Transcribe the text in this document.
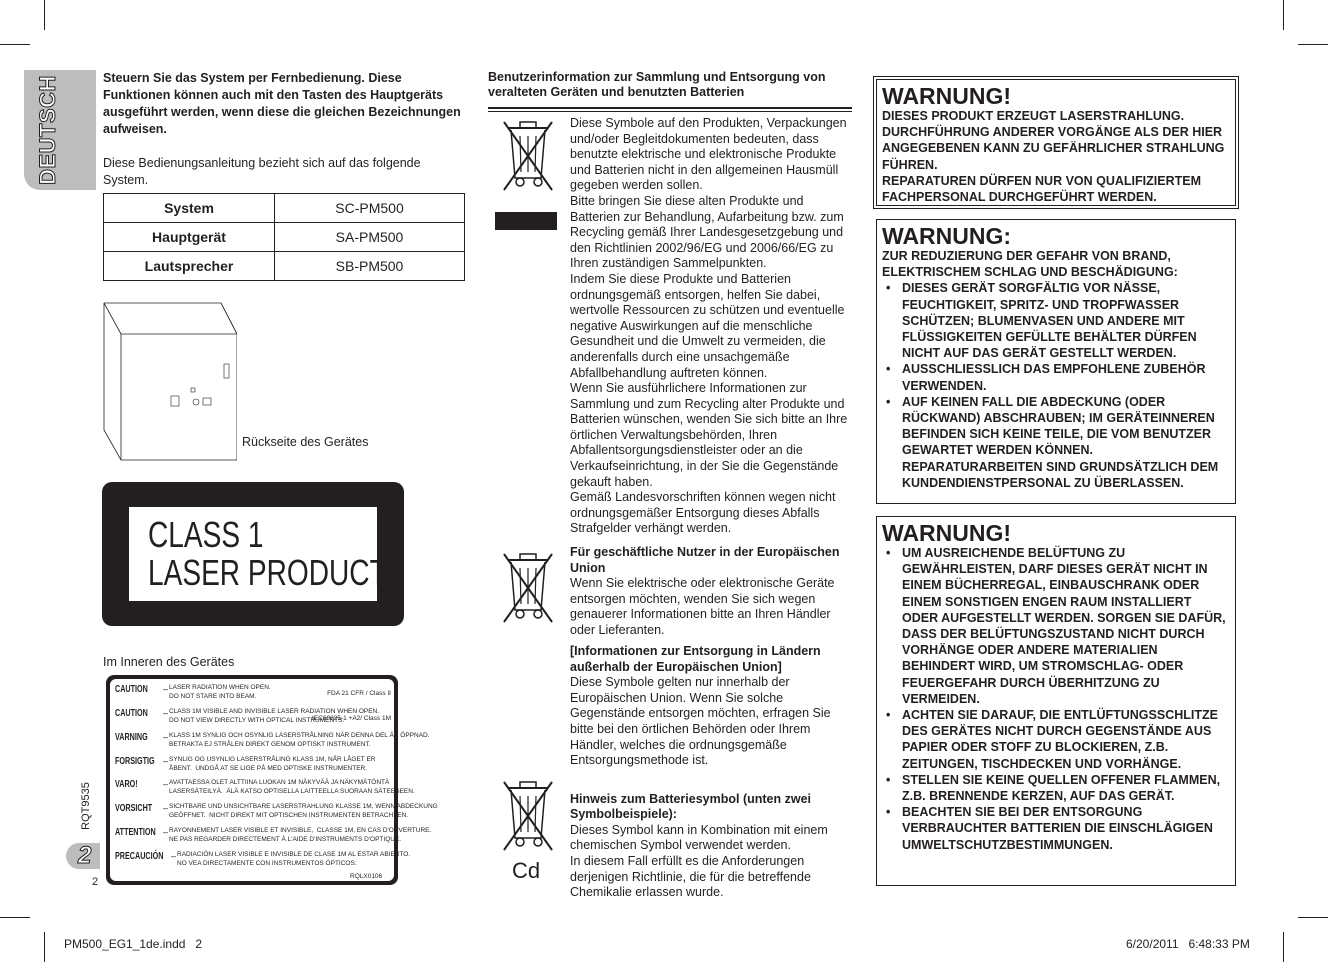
DEUTSCH	Steuern Sie das System per Fernbedienung. Diese Funktionen können auch mit den Tasten des Hauptgeräts ausgeführt werden, wenn diese die gleichen Bezeichnungen aufweisen.

Diese Bedienungsanleitung bezieht sich auf das folgende System.

System	SC-PM500
Hauptgerät	SA-PM500
Lautsprecher	SB-PM500
Rückseite des Gerätes
CLASS 1
LASER PRODUCT
Im Inneren des Gerätes
CAUTION – LASER RADIATION WHEN OPEN.
DO NOT STARE INTO BEAM.	FDA 21 CFR / Class II
CAUTION – CLASS 1M VISIBLE AND INVISIBLE LASER RADIATION WHEN OPEN.
DO NOT VIEW DIRECTLY WITH OPTICAL INSTRUMENTS.
IEC60825-1 +A2/ Class 1M
VARNING – KLASS 1M SYNLIG OCH OSYNLIG LASERSTRÅLNING NÄR DENNA DEL ÄR ÖPPNAD.
BETRAKTA EJ STRÅLEN DIREKT GENOM OPTISKT INSTRUMENT.
FORSIGTIG – SYNLIG OG USYNLIG LASERSTRÅLING KLASS 1M, NÅR LÅGET ER
ÅBENT.  UNDGÅ AT SE LIGE PÅ MED OPTISKE INSTRUMENTER.
VARO!	– AVATTAESSA OLET ALTTIINA LUOKAN 1M NÄKYVÄÄ JA NÄKYMÄTÖNTÄ
LASERSÄTEILYÄ.  ÄLÄ KATSO OPTISELLA LAITTEELLA SUORAAN SÄTEESEEN.
VORSICHT – SICHTBARE UND UNSICHTBARE LASERSTRAHLUNG KLASSE 1M, WENN ABDECKUNG
GEÖFFNET.  NICHT DIREKT MIT OPTISCHEN INSTRUMENTEN BETRACHTEN.
ATTENTION – RAYONNEMENT LASER VISIBLE ET INVISIBLE,  CLASSE 1M, EN CAS D'OUVERTURE.
NE PAS REGARDER DIRECTEMENT À L'AIDE D'INSTRUMENTS D'OPTIQUE.
PRECAUCIÓN – RADIACIÓN LASER VISIBLE E INVISIBLE DE CLASE 1M AL ESTAR ABIERTO.
NO VEA DIRECTAMENTE CON INSTRUMENTOS ÓPTICOS.
RQLX0106
RQT9535
2
2
Benutzerinformation zur Sammlung und Entsorgung von veralteten Geräten und benutzten Batterien
Diese Symbole auf den Produkten, Verpackungen und/oder Begleitdokumenten bedeuten, dass benutzte elektrische und elektronische Produkte und Batterien nicht in den allgemeinen Hausmüll gegeben werden sollen.
Bitte bringen Sie diese alten Produkte und Batterien zur Behandlung, Aufarbeitung bzw. zum Recycling gemäß Ihrer Landesgesetzgebung und den Richtlinien 2002/96/EG und 2006/66/EG zu Ihren zuständigen Sammelpunkten.
Indem Sie diese Produkte und Batterien ordnungsgemäß entsorgen, helfen Sie dabei, wertvolle Ressourcen zu schützen und eventuelle negative Auswirkungen auf die menschliche Gesundheit und die Umwelt zu vermeiden, die anderenfalls durch eine unsachgemäße Abfallbehandlung auftreten können.
Wenn Sie ausführlichere Informationen zur Sammlung und zum Recycling alter Produkte und Batterien wünschen, wenden Sie sich bitte an Ihre örtlichen Verwaltungsbehörden, Ihren Abfallentsorgungsdienstleister oder an die Verkaufseinrichtung, in der Sie die Gegenstände gekauft haben.
Gemäß Landesvorschriften können wegen nicht ordnungsgemäßer Entsorgung dieses Abfalls Strafgelder verhängt werden.
Für geschäftliche Nutzer in der Europäischen Union
Wenn Sie elektrische oder elektronische Geräte entsorgen möchten, wenden Sie sich wegen genauerer Informationen bitte an Ihren Händler oder Lieferanten.
[Informationen zur Entsorgung in Ländern außerhalb der Europäischen Union]
Diese Symbole gelten nur innerhalb der Europäischen Union. Wenn Sie solche Gegenstände entsorgen möchten, erfragen Sie bitte bei den örtlichen Behörden oder Ihrem Händler, welches die ordnungsgemäße Entsorgungsmethode ist.
Cd

Hinweis zum Batteriesymbol (unten zwei Symbolbeispiele):
Dieses Symbol kann in Kombination mit einem chemischen Symbol verwendet werden.
In diesem Fall erfüllt es die Anforderungen derjenigen Richtlinie, die für die betreffende Chemikalie erlassen wurde.

WARNUNG!
DIESES PRODUKT ERZEUGT LASERSTRAHLUNG.
DURCHFÜHRUNG ANDERER VORGÄNGE ALS DER HIER ANGEGEBENEN KANN ZU GEFÄHRLICHER STRAHLUNG FÜHREN.
REPARATUREN DÜRFEN NUR VON QUALIFIZIERTEM FACHPERSONAL DURCHGEFÜHRT WERDEN.
WARNUNG:
ZUR REDUZIERUNG DER GEFAHR VON BRAND, ELEKTRISCHEM SCHLAG UND BESCHÄDIGUNG:
• DIESES GERÄT SORGFÄLTIG VOR NÄSSE, FEUCHTIGKEIT, SPRITZ- UND TROPFWASSER SCHÜTZEN; BLUMENVASEN UND ANDERE MIT FLÜSSIGKEITEN GEFÜLLTE BEHÄLTER DÜRFEN NICHT AUF DAS GERÄT GESTELLT WERDEN.
• AUSSCHLIESSLICH DAS EMPFOHLENE ZUBEHÖR VERWENDEN.
• AUF KEINEN FALL DIE ABDECKUNG (ODER RÜCKWAND) ABSCHRAUBEN; IM GERÄTEINNEREN BEFINDEN SICH KEINE TEILE, DIE VOM BENUTZER GEWARTET WERDEN KÖNNEN. REPARATURARBEITEN SIND GRUNDSÄTZLICH DEM KUNDENDIENSTPERSONAL ZU ÜBERLASSEN.
WARNUNG!
• UM AUSREICHENDE BELÜFTUNG ZU GEWÄHRLEISTEN, DARF DIESES GERÄT NICHT IN EINEM BÜCHERREGAL, EINBAUSCHRANK ODER EINEM SONSTIGEN ENGEN RAUM INSTALLIERT ODER AUFGESTELLT WERDEN. SORGEN SIE DAFÜR, DASS DER BELÜFTUNGSZUSTAND NICHT DURCH VORHÄNGE ODER ANDERE MATERIALIEN BEHINDERT WIRD, UM STROMSCHLAG- ODER FEUERGEFAHR DURCH ÜBERHITZUNG ZU VERMEIDEN.
• ACHTEN SIE DARAUF, DIE ENTLÜFTUNGSSCHLITZE DES GERÄTES NICHT DURCH GEGENSTÄNDE AUS PAPIER ODER STOFF ZU BLOCKIEREN, Z.B. ZEITUNGEN, TISCHDECKEN UND VORHÄNGE.
• STELLEN SIE KEINE QUELLEN OFFENER FLAMMEN, Z.B. BRENNENDE KERZEN, AUF DAS GERÄT.
• BEACHTEN SIE BEI DER ENTSORGUNG VERBRAUCHTER BATTERIEN DIE EINSCHLÄGIGEN UMWELTSCHUTZBESTIMMUNGEN.
PM500_EG1_1de.indd   2	6/20/2011   6:48:33 PM
